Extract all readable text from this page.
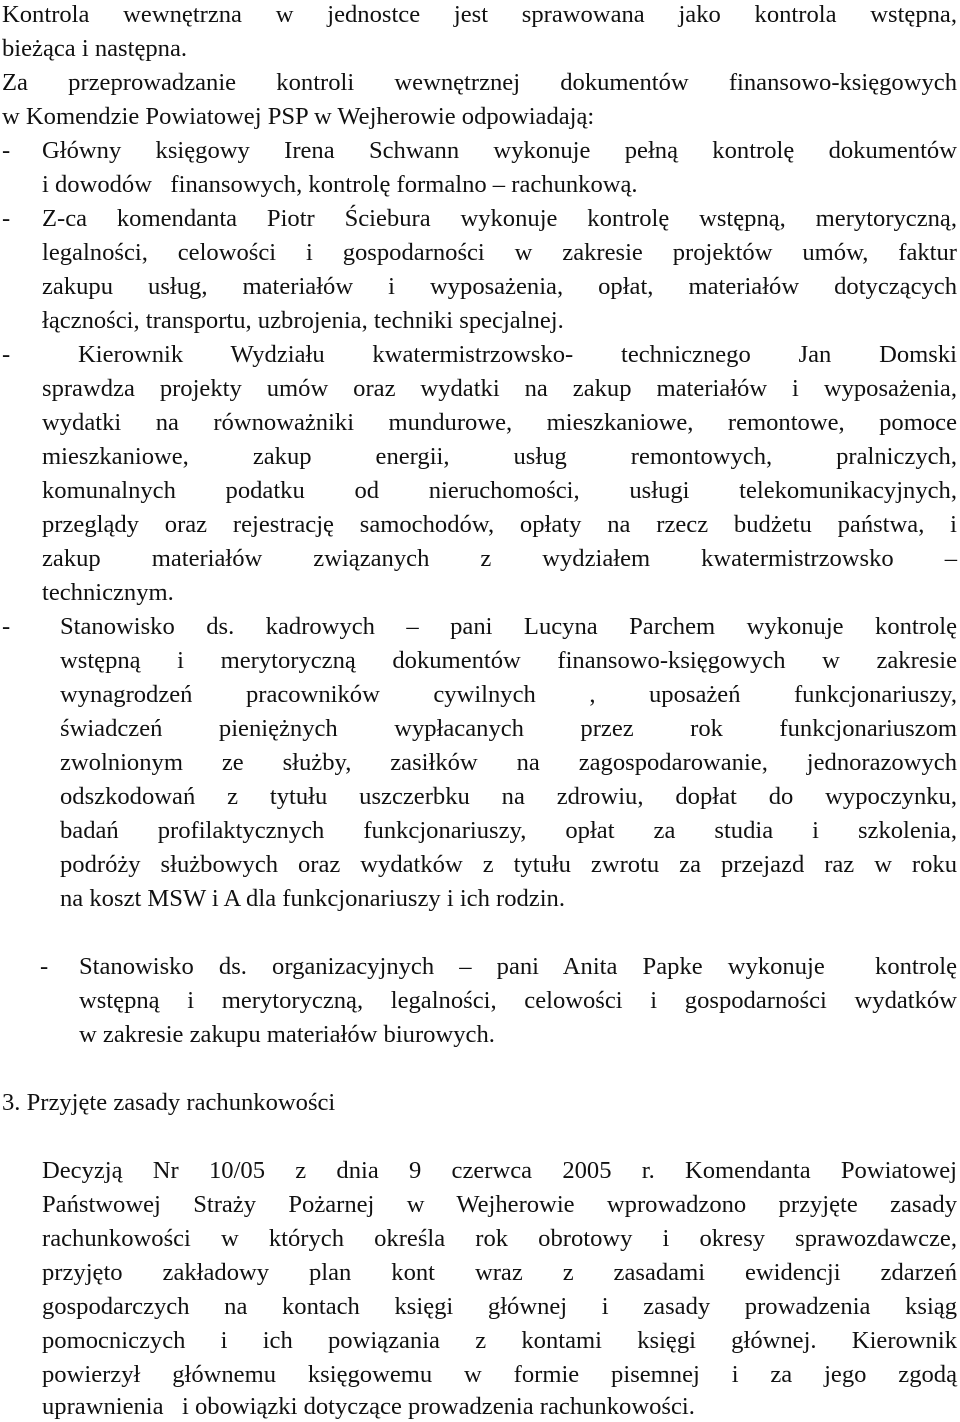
Kontrola wewnętrzna w jednostce jest sprawowana jako kontrola wstępna,

bieżąca i następna.

Za przeprowadzanie kontroli wewnętrznej dokumentów finansowo-księgowych

w Komendzie Powiatowej PSP w Wejherowie odpowiadają:

- Główny księgowy Irena Schwann wykonuje pełną kontrolę dokumentów

i dowodów   finansowych, kontrolę formalno – rachunkową.

- Z-ca komendanta Piotr Ściebura wykonuje kontrolę wstępną, merytoryczną,

legalności, celowości i gospodarności w zakresie projektów umów, faktur

zakupu usług, materiałów i wyposażenia, opłat, materiałów dotyczących

łączności, transportu, uzbrojenia, techniki specjalnej.

-	Kierownik Wydziału kwatermistrzowsko- technicznego Jan Domski

sprawdza projekty umów oraz wydatki na zakup materiałów i wyposażenia,

wydatki na równoważniki mundurowe, mieszkaniowe, remontowe, pomoce

mieszkaniowe, zakup energii, usług remontowych, pralniczych,

komunalnych podatku od nieruchomości, usługi telekomunikacyjnych,

przeglądy oraz rejestrację samochodów, opłaty na rzecz budżetu państwa, i

zakup materiałów związanych z wydziałem kwatermistrzowsko –

technicznym.

- Stanowisko ds. kadrowych – pani Lucyna Parchem wykonuje kontrolę

wstępną i merytoryczną dokumentów finansowo-księgowych w zakresie

wynagrodzeń pracowników cywilnych , uposażeń funkcjonariuszy,

świadczeń pieniężnych wypłacanych przez rok funkcjonariuszom

zwolnionym ze służby, zasiłków na zagospodarowanie, jednorazowych

odszkodowań z tytułu uszczerbku na zdrowiu, dopłat do wypoczynku,

badań profilaktycznych funkcjonariuszy, opłat za studia i szkolenia,

podróży służbowych oraz wydatków z tytułu zwrotu za przejazd raz w roku

na koszt MSW i A dla funkcjonariuszy i ich rodzin.

- Stanowisko ds. organizacyjnych – pani Anita Papke wykonuje  kontrolę

wstępną i merytoryczną, legalności, celowości i gospodarności wydatków

w zakresie zakupu materiałów biurowych.

3. Przyjęte zasady rachunkowości

Decyzją Nr 10/05 z dnia 9 czerwca 2005 r. Komendanta Powiatowej

Państwowej Straży Pożarnej w Wejherowie wprowadzono przyjęte zasady

rachunkowości w których określa rok obrotowy i okresy sprawozdawcze,

przyjęto zakładowy plan kont wraz z zasadami ewidencji zdarzeń

gospodarczych na kontach księgi głównej i zasady prowadzenia ksiąg

pomocniczych i ich powiązania z kontami księgi głównej. Kierownik

powierzył głównemu księgowemu w formie pisemnej i za jego zgodą

uprawnienia   i obowiązki dotyczące prowadzenia rachunkowości.
